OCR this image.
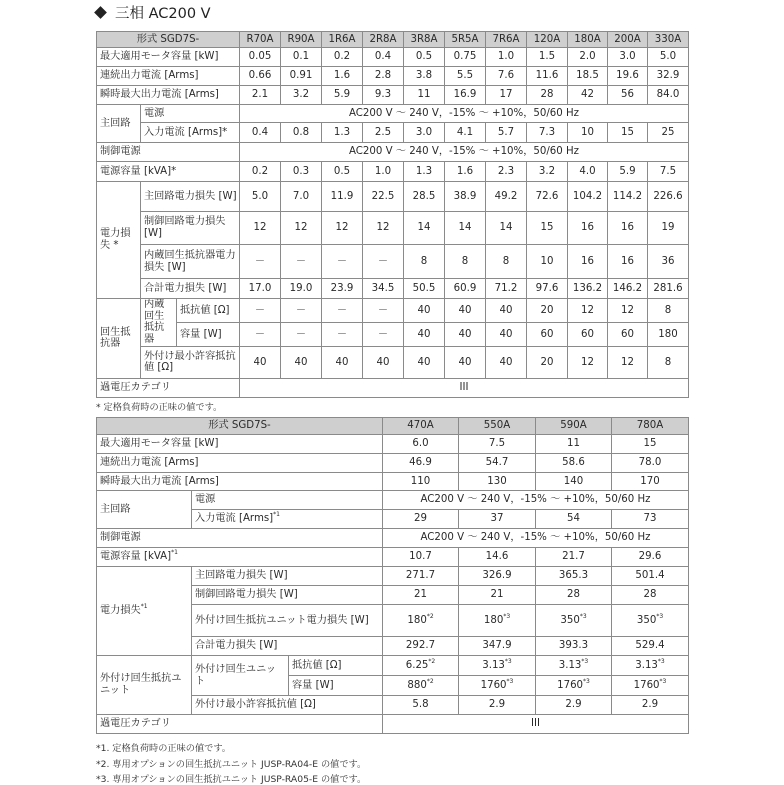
三相 AC200 V
形式 SGD7S-			R70A	R90A	1R6A	2R8A	3R8A	5R5A	7R6A	120A	180A	200A	330A
最大適用モータ容量 [kW]			0.05	0.1	0.2	0.4	0.5	0.75	1.0	1.5	2.0	3.0	5.0
連続出力電流 [Arms]			0.66	0.91	1.6	2.8	3.8	5.5	7.6	11.6	18.5	19.6	32.9
瞬時最大出力電流 [Arms]			2.1	3.2	5.9	9.3	11	16.9	17	28	42	56	84.0
主回路	電源		AC200 V ～ 240 V，-15% ～ +10%，50/60 Hz										
	入力電流 [Arms]*		0.4	0.8	1.3	2.5	3.0	4.1	5.7	7.3	10	15	25
制御電源			AC200 V ～ 240 V，-15% ～ +10%，50/60 Hz										
電源容量 [kVA]*			0.2	0.3	0.5	1.0	1.3	1.6	2.3	3.2	4.0	5.9	7.5
電力損失 *	主回路電力損失 [W]		5.0	7.0	11.9	22.5	28.5	38.9	49.2	72.6	104.2	114.2	226.6
	制御回路電力損失 [W]		12	12	12	12	14	14	14	15	16	16	19
	内蔵回生抵抗器電力損失 [W]		－	－	－	－	8	8	8	10	16	16	36
	合計電力損失 [W]		17.0	19.0	23.9	34.5	50.5	60.9	71.2	97.6	136.2	146.2	281.6
回生抵抗器	内蔵回生抵抗器	抵抗値 [Ω]	－	－	－	－	40	40	40	20	12	12	8
		容量 [W]	－	－	－	－	40	40	40	60	60	60	180
	外付け最小許容抵抗値 [Ω]		40	40	40	40	40	40	40	20	12	12	8
過電圧カテゴリ			III										
* 定格負荷時の正味の値です。
形式 SGD7S-			470A	550A	590A	780A
最大適用モータ容量 [kW]			6.0	7.5	11	15
連続出力電流 [Arms]			46.9	54.7	58.6	78.0
瞬時最大出力電流 [Arms]			110	130	140	170
主回路	電源		AC200 V ～ 240 V，-15% ～ +10%，50/60 Hz			
	入力電流 [Arms]$^{*1}$		29	37	54	73
制御電源			AC200 V ～ 240 V，-15% ～ +10%，50/60 Hz			
電源容量 [kVA]$^{*1}$			10.7	14.6	21.7	29.6
電力損失$^{*1}$	主回路電力損失 [W]		271.7	326.9	365.3	501.4
	制御回路電力損失 [W]		21	21	28	28
	外付け回生抵抗ユニット電力損失 [W]		180$^{*2}$	180$^{*3}$	350$^{*3}$	350$^{*3}$
	合計電力損失 [W]		292.7	347.9	393.3	529.4
外付け回生抵抗ユニット	外付け回生ユニット	抵抗値 [Ω]	6.25$^{*2}$	3.13$^{*3}$	3.13$^{*3}$	3.13$^{*3}$
		容量 [W]	880$^{*2}$	1760$^{*3}$	1760$^{*3}$	1760$^{*3}$
	外付け最小許容抵抗値 [Ω]		5.8	2.9	2.9	2.9
過電圧カテゴリ			III			
*1. 定格負荷時の正味の値です。
*2. 専用オプションの回生抵抗ユニット JUSP-RA04-E の値です。
*3. 専用オプションの回生抵抗ユニット JUSP-RA05-E の値です。
